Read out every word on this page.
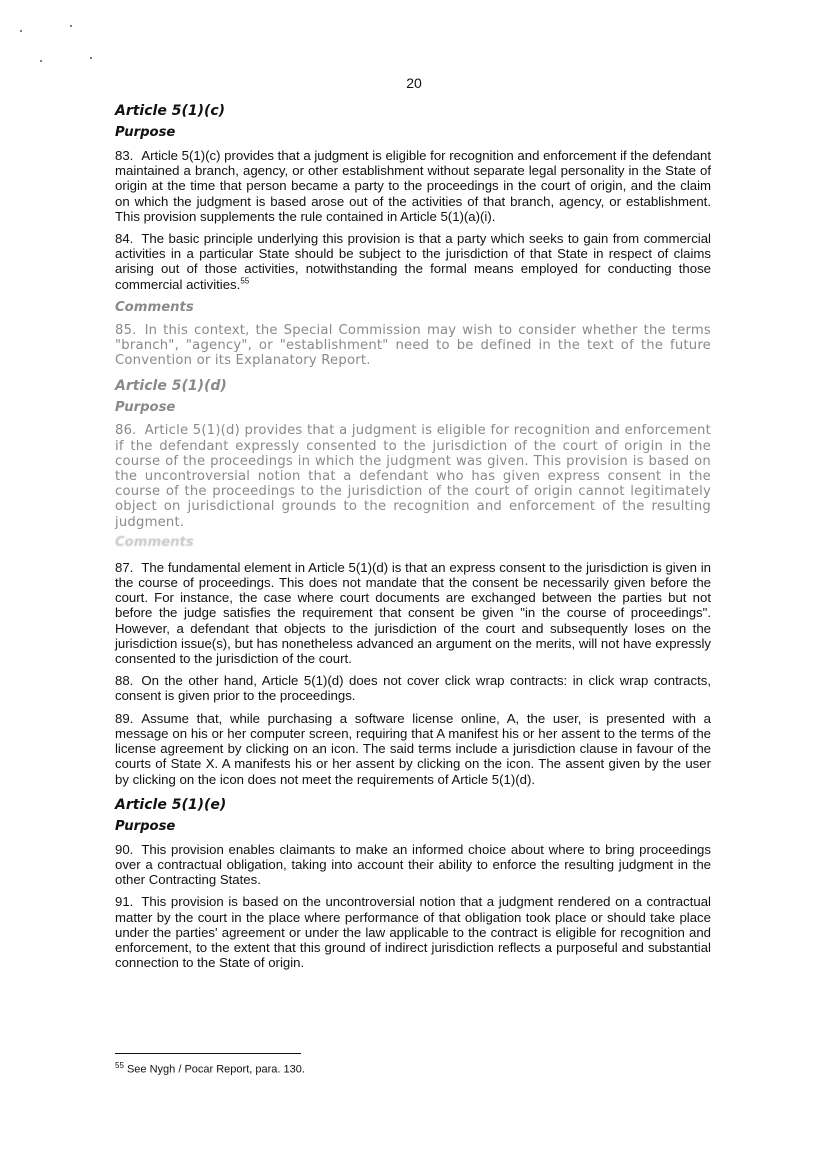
20
Article 5(1)(c)
Purpose

83. Article 5(1)(c) provides that a judgment is eligible for recognition and enforcement if the defendant maintained a branch, agency, or other establishment without separate legal personality in the State of origin at the time that person became a party to the proceedings in the court of origin, and the claim on which the judgment is based arose out of the activities of that branch, agency, or establishment. This provision supplements the rule contained in Article 5(1)(a)(i).

84. The basic principle underlying this provision is that a party which seeks to gain from commercial activities in a particular State should be subject to the jurisdiction of that State in respect of claims arising out of those activities, notwithstanding the formal means employed for conducting those commercial activities.$^{55}$

Comments

85. In this context, the Special Commission may wish to consider whether the terms "branch", "agency", or "establishment" need to be defined in the text of the future Convention or its Explanatory Report.

Article 5(1)(d)
Purpose

86. Article 5(1)(d) provides that a judgment is eligible for recognition and enforcement if the defendant expressly consented to the jurisdiction of the court of origin in the course of the proceedings in which the judgment was given. This provision is based on the uncontroversial notion that a defendant who has given express consent in the course of the proceedings to the jurisdiction of the court of origin cannot legitimately object on jurisdictional grounds to the recognition and enforcement of the resulting judgment.

Comments

87. The fundamental element in Article 5(1)(d) is that an express consent to the jurisdiction is given in the course of proceedings. This does not mandate that the consent be necessarily given before the court. For instance, the case where court documents are exchanged between the parties but not before the judge satisfies the requirement that consent be given "in the course of proceedings". However, a defendant that objects to the jurisdiction of the court and subsequently loses on the jurisdiction issue(s), but has nonetheless advanced an argument on the merits, will not have expressly consented to the jurisdiction of the court.

88. On the other hand, Article 5(1)(d) does not cover click wrap contracts: in click wrap contracts, consent is given prior to the proceedings.

89. Assume that, while purchasing a software license online, A, the user, is presented with a message on his or her computer screen, requiring that A manifest his or her assent to the terms of the license agreement by clicking on an icon. The said terms include a jurisdiction clause in favour of the courts of State X. A manifests his or her assent by clicking on the icon. The assent given by the user by clicking on the icon does not meet the requirements of Article 5(1)(d).

Article 5(1)(e)
Purpose

90. This provision enables claimants to make an informed choice about where to bring proceedings over a contractual obligation, taking into account their ability to enforce the resulting judgment in the other Contracting States.

91. This provision is based on the uncontroversial notion that a judgment rendered on a contractual matter by the court in the place where performance of that obligation took place or should take place under the parties' agreement or under the law applicable to the contract is eligible for recognition and enforcement, to the extent that this ground of indirect jurisdiction reflects a purposeful and substantial connection to the State of origin.

$^{55}$ See Nygh / Pocar Report, para. 130.
